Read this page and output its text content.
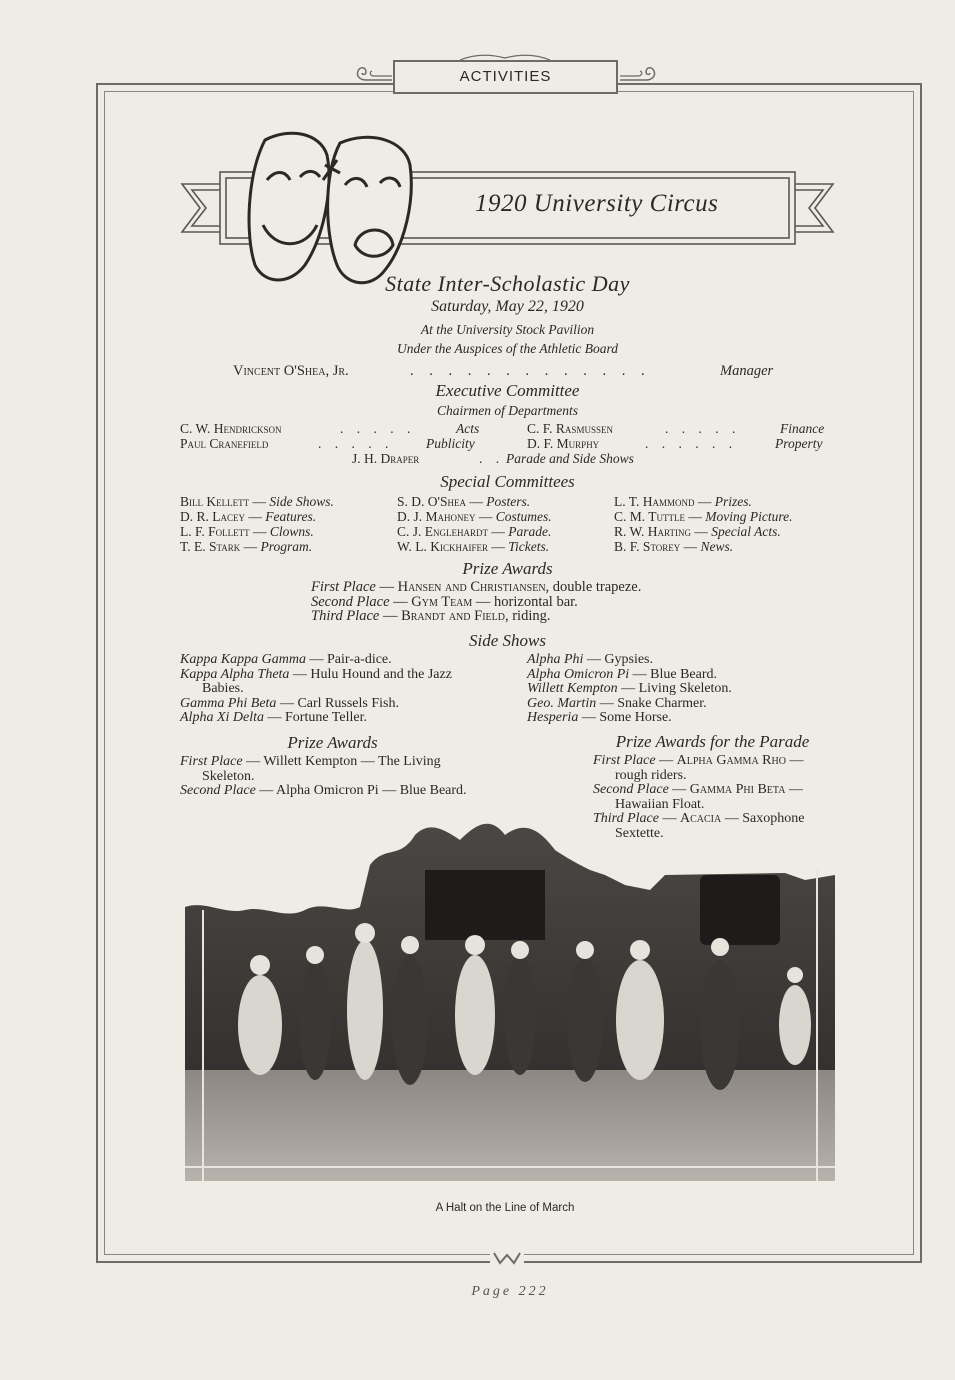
ACTIVITIES
1920 University Circus
State Inter-Scholastic Day
Saturday, May 22, 1920
At the University Stock Pavilion
Under the Auspices of the Athletic Board
Vincent O'Shea, Jr.	. . . . . . . . . . . . .	Manager
Executive Committee
Chairmen of Departments
C. W. Hendrickson	. . . . .	Acts	C. F. Rasmussen	. . . . .	Finance
Paul Cranefield	. . . . . Publicity	D. F. Murphy	. . . . . .	Property
J. H. Draper	. . Parade and Side Shows
Special Committees
Bill Kellett — Side Shows.
D. R. Lacey — Features.
L. F. Follett — Clowns.
T. E. Stark — Program.
S. D. O'Shea — Posters.
D. J. Mahoney — Costumes.
C. J. Englehardt — Parade.
W. L. Kickhaifer — Tickets.
L. T. Hammond — Prizes.
C. M. Tuttle — Moving Picture.
R. W. Harting — Special Acts.
B. F. Storey — News.
Prize Awards
First Place — Hansen and Christiansen, double trapeze.
Second Place — Gym Team — horizontal bar.
Third Place — Brandt and Field, riding.
Side Shows
Kappa Kappa Gamma — Pair-a-dice.
Kappa Alpha Theta — Hulu Hound and the Jazz Babies.
Gamma Phi Beta — Carl Russels Fish.
Alpha Xi Delta — Fortune Teller.
Alpha Phi — Gypsies.
Alpha Omicron Pi — Blue Beard.
Willett Kempton — Living Skeleton.
Geo. Martin — Snake Charmer.
Hesperia — Some Horse.
Prize Awards
First Place — Willett Kempton — The Living Skeleton.
Second Place — Alpha Omicron Pi — Blue Beard.
Prize Awards for the Parade
First Place — Alpha Gamma Rho — rough riders.
Second Place — Gamma Phi Beta — Hawaiian Float.
Third Place — Acacia — Saxophone Sextette.
A Halt on the Line of March
Page 222
